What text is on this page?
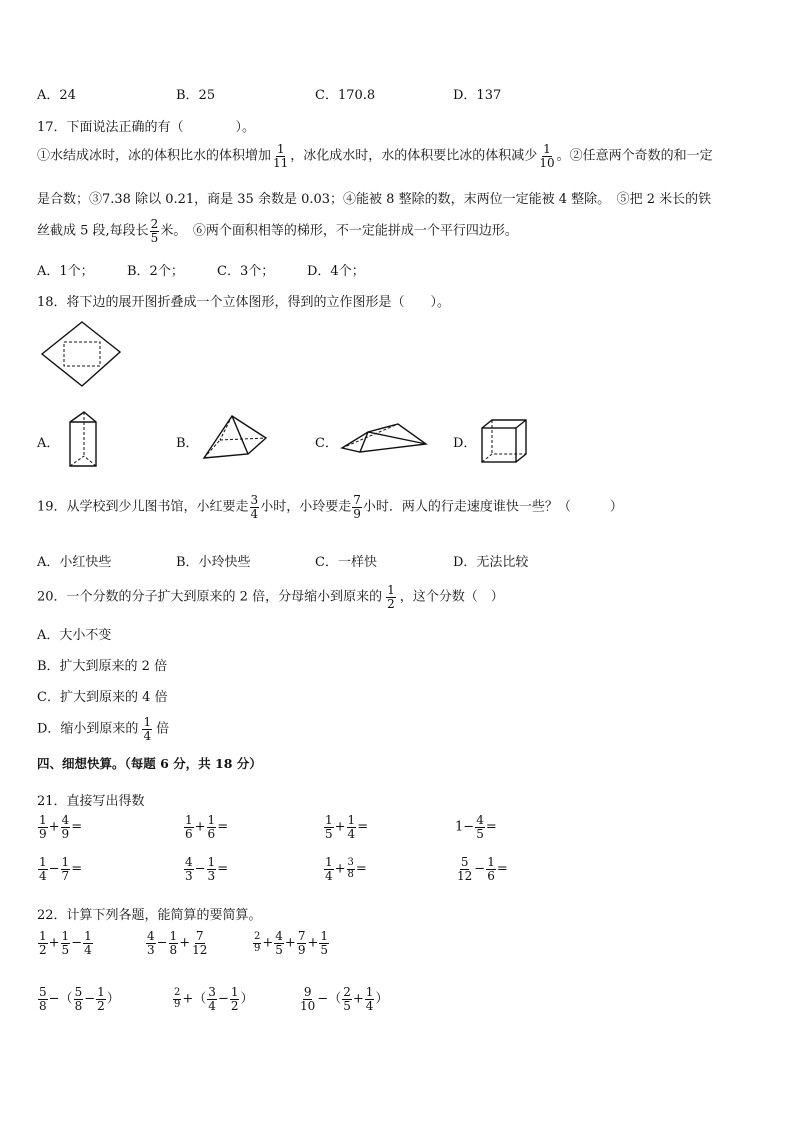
A．24	B．25	C．170.8	D．137
17．下面说法正确的有（　　　　）。
①水结成冰时，冰的体积比水的体积增加 $\frac{1}{11}$ ，冰化成水时，水的体积要比冰的体积减少 $\frac{1}{10}$ 。②任意两个奇数的和一定
是合数；③7.38 除以 0.21，商是 35 余数是 0.03；④能被 8 整除的数，末两位一定能被 4 整除。　⑤把 2 米长的铁
丝截成 5 段,每段长 $\frac{2}{5}$ 米。　⑥两个面积相等的梯形，不一定能拼成一个平行四边形。
A．1个；	B．2个；	C．3个；	D．4个；
18．将下边的展开图折叠成一个立体图形，得到的立作图形是（　　）。
A．	B．	C．	D．
19．从学校到少儿图书馆，小红要走 $\frac{3}{4}$ 小时，小玲要走 $\frac{7}{9}$ 小时．两人的行走速度谁快一些？（　　　）
A．小红快些	B．小玲快些	C．一样快	D．无法比较
20．一个分数的分子扩大到原来的 2 倍，分母缩小到原来的 $\frac{1}{2}$ ，这个分数（　）
A．大小不变
B．扩大到原来的 2 倍
C．扩大到原来的 4 倍
D．缩小到原来的 $\frac{1}{4}$ 倍
四、细想快算。（每题 6 分，共 18 分）
21．直接写出得数
$\frac{1}{9} + \frac{4}{9}$ =	$\frac{1}{6} + \frac{1}{6}$ =	$\frac{1}{5} + \frac{1}{4}$ =	$1- \frac{4}{5}$ =
$\frac{1}{4} - \frac{1}{7}$ =	$\frac{4}{3} - \frac{1}{3}$ =	$\frac{1}{4} + \frac{3}{8}$ =	$\frac{5}{12} - \frac{1}{6}$ =
22．计算下列各题，能简算的要简算。
$\frac{1}{2} + \frac{1}{5} - \frac{1}{4}$	$\frac{4}{3} - \frac{1}{8} + \frac{7}{12}$	$\frac{2}{9} + \frac{4}{5} + \frac{7}{9} + \frac{1}{5}$
$\frac{5}{8}$ −（ $\frac{5}{8} - \frac{1}{2}$ ）	$\frac{2}{9}$ +（ $\frac{3}{4} - \frac{1}{2}$ ）	$\frac{9}{10}$ −（ $\frac{2}{5} + \frac{1}{4}$ ）
